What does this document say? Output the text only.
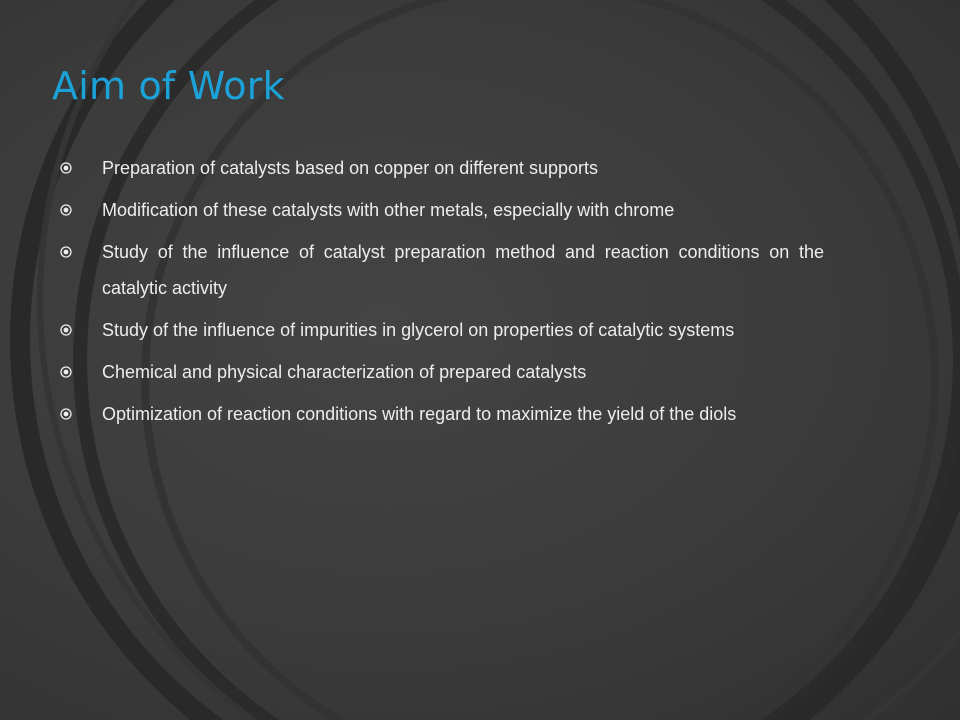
Aim of Work
Preparation of catalysts based on copper on different supports
Modification of these catalysts with other metals, especially with chrome
Study of the influence of catalyst preparation method and reaction conditions on the catalytic activity
Study of the influence of impurities in glycerol on properties of catalytic systems
Chemical and physical characterization of prepared catalysts
Optimization of reaction conditions with regard to maximize the yield of the diols
